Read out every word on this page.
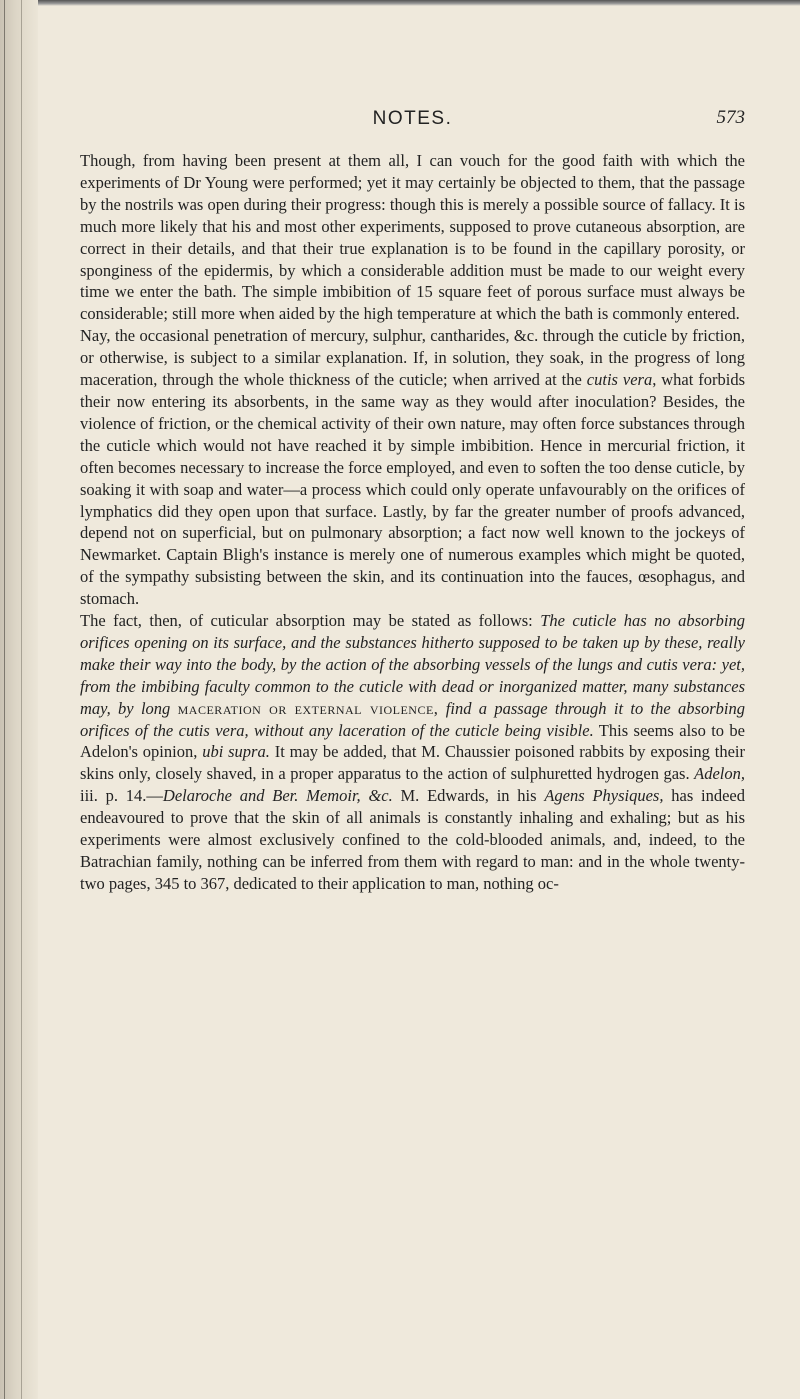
NOTES.	573

Though, from having been present at them all, I can vouch for the good faith with which the experiments of Dr Young were performed; yet it may certainly be objected to them, that the passage by the nostrils was open during their progress: though this is merely a possible source of fallacy. It is much more likely that his and most other experiments, supposed to prove cutaneous absorption, are correct in their details, and that their true explanation is to be found in the capillary porosity, or sponginess of the epidermis, by which a considerable addition must be made to our weight every time we enter the bath. The simple imbibition of 15 square feet of porous surface must always be considerable; still more when aided by the high temperature at which the bath is commonly entered.

Nay, the occasional penetration of mercury, sulphur, cantharides, &c. through the cuticle by friction, or otherwise, is subject to a similar explanation. If, in solution, they soak, in the progress of long maceration, through the whole thickness of the cuticle; when arrived at the cutis vera, what forbids their now entering its absorbents, in the same way as they would after inoculation? Besides, the violence of friction, or the chemical activity of their own nature, may often force substances through the cuticle which would not have reached it by simple imbibition. Hence in mercurial friction, it often becomes necessary to increase the force employed, and even to soften the too dense cuticle, by soaking it with soap and water—a process which could only operate unfavourably on the orifices of lymphatics did they open upon that surface. Lastly, by far the greater number of proofs advanced, depend not on superficial, but on pulmonary absorption; a fact now well known to the jockeys of Newmarket. Captain Bligh's instance is merely one of numerous examples which might be quoted, of the sympathy subsisting between the skin, and its continuation into the fauces, œsophagus, and stomach.

The fact, then, of cuticular absorption may be stated as follows: The cuticle has no absorbing orifices opening on its surface, and the substances hitherto supposed to be taken up by these, really make their way into the body, by the action of the absorbing vessels of the lungs and cutis vera: yet, from the imbibing faculty common to the cuticle with dead or inorganized matter, many substances may, by long maceration or external violence, find a passage through it to the absorbing orifices of the cutis vera, without any laceration of the cuticle being visible. This seems also to be Adelon's opinion, ubi supra. It may be added, that M. Chaussier poisoned rabbits by exposing their skins only, closely shaved, in a proper apparatus to the action of sulphuretted hydrogen gas. Adelon, iii. p. 14.—Delaroche and Ber. Memoir, &c. M. Edwards, in his Agens Physiques, has indeed endeavoured to prove that the skin of all animals is constantly inhaling and exhaling; but as his experiments were almost exclusively confined to the cold-blooded animals, and, indeed, to the Batrachian family, nothing can be inferred from them with regard to man: and in the whole twenty-two pages, 345 to 367, dedicated to their application to man, nothing oc-
